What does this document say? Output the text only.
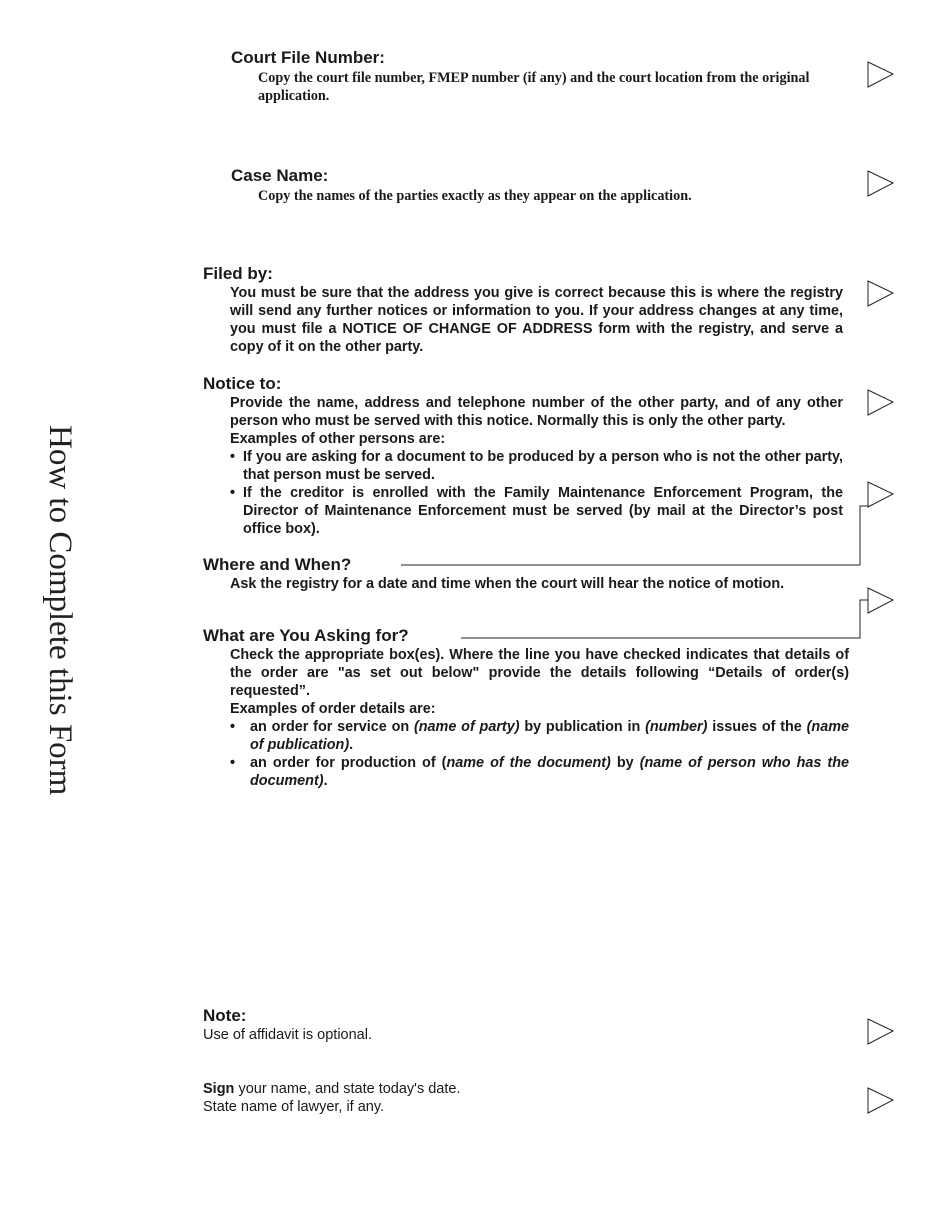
How to Complete this Form
Court File Number:
Copy the court file number, FMEP number (if any) and the court location from the original application.
Case Name:
Copy the names of the parties exactly as they appear on the application.
Filed by:
You must be sure that the address you give is correct because this is where the registry will send any further notices or information to you. If your address changes at any time, you must file a NOTICE OF CHANGE OF ADDRESS form with the registry, and serve a copy of it on the other party.
Notice to:
Provide the name, address and telephone number of the other party, and of any other person who must be served with this notice. Normally this is only the other party.
Examples of other persons are:
• If you are asking for a document to be produced by a person who is not the other party, that person must be served.
• If the creditor is enrolled with the Family Maintenance Enforcement Program, the Director of Maintenance Enforcement must be served (by mail at the Director’s post office box).
Where and When?
Ask the registry for a date and time when the court will hear the notice of motion.
What are You Asking for?
Check the appropriate box(es). Where the line you have checked indicates that details of the order are "as set out below" provide the details following “Details of order(s) requested”.
Examples of order details are:
•	an order for service on (name of party) by publication in (number) issues of the (name of publication).
•	an order for production of (name of the document) by (name of person who has the document).
Note:
Use of affidavit is optional.
Sign your name, and state today's date.
State name of lawyer, if any.
